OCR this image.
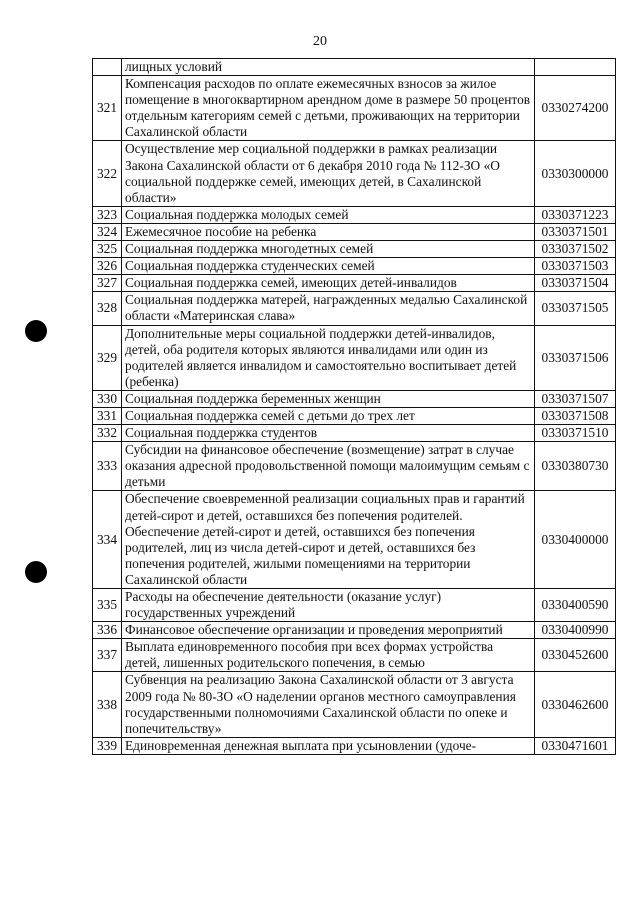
20
	лищных условий	
321	Компенсация расходов по оплате ежемесячных взносов за жилое помещение в многоквартирном арендном доме в размере 50 процентов отдельным категориям семей с детьми, проживающих на территории Сахалинской области	0330274200
322	Осуществление мер социальной поддержки в рамках реализации Закона Сахалинской области от 6 декабря 2010 года № 112-ЗО «О социальной поддержке семей, имеющих детей, в Сахалинской области»	0330300000
323	Социальная поддержка молодых семей	0330371223
324	Ежемесячное пособие на ребенка	0330371501
325	Социальная поддержка многодетных семей	0330371502
326	Социальная поддержка студенческих семей	0330371503
327	Социальная поддержка семей, имеющих детей-инвалидов	0330371504
328	Социальная поддержка матерей, награжденных медалью Сахалинской области «Материнская слава»	0330371505
329	Дополнительные меры социальной поддержки детей-инвалидов, детей, оба родителя которых являются инвалидами или один из родителей является инвалидом и самостоятельно воспитывает детей (ребенка)	0330371506
330	Социальная поддержка беременных женщин	0330371507
331	Социальная поддержка семей с детьми до трех лет	0330371508
332	Социальная поддержка студентов	0330371510
333	Субсидии на финансовое обеспечение (возмещение) затрат в случае оказания адресной продовольственной помощи малоимущим семьям с детьми	0330380730
334	Обеспечение своевременной реализации социальных прав и гарантий детей-сирот и детей, оставшихся без попечения родителей. Обеспечение детей-сирот и детей, оставшихся без попечения родителей, лиц из числа детей-сирот и детей, оставшихся без попечения родителей, жилыми помещениями на территории Сахалинской области	0330400000
335	Расходы на обеспечение деятельности (оказание услуг) государственных учреждений	0330400590
336	Финансовое обеспечение организации и проведения мероприятий	0330400990
337	Выплата единовременного пособия при всех формах устройства детей, лишенных родительского попечения, в семью	0330452600
338	Субвенция на реализацию Закона Сахалинской области от 3 августа 2009 года № 80-ЗО «О наделении органов местного самоуправления государственными полномочиями Сахалинской области по опеке и попечительству»	0330462600
339	Единовременная денежная выплата при усыновлении (удоче-	0330471601
